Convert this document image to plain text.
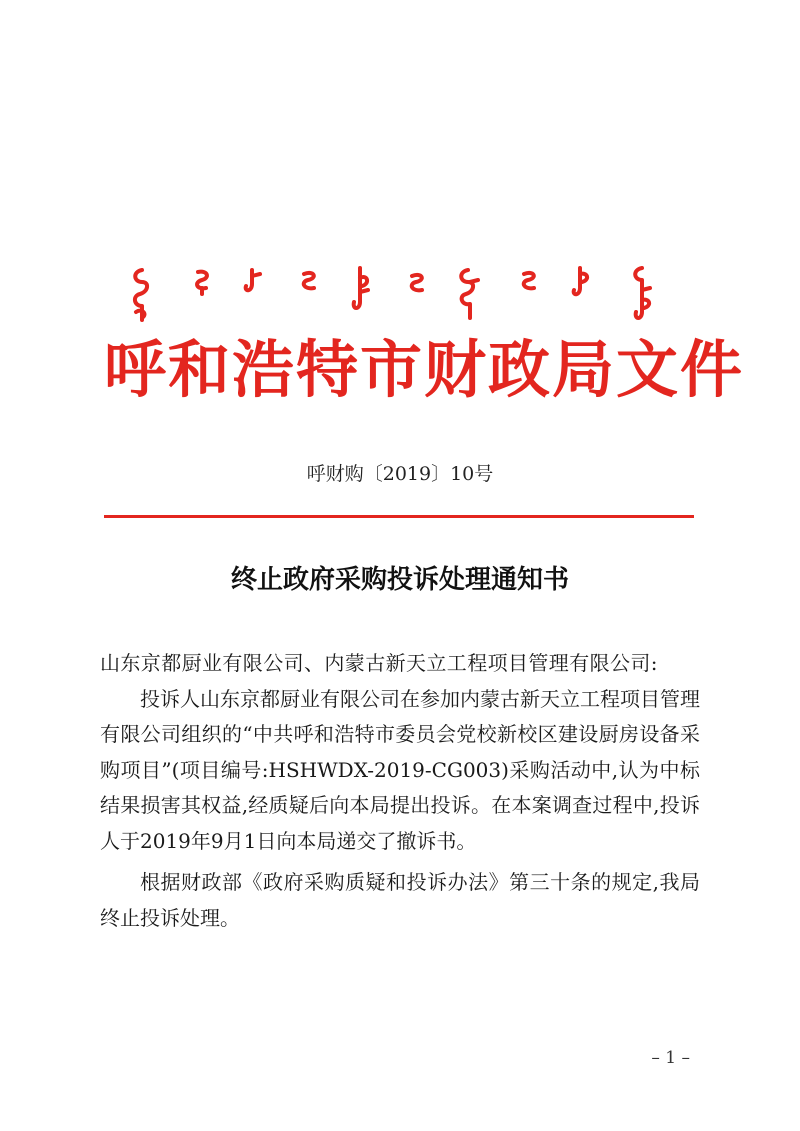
呼和浩特市财政局文件
呼财购〔2019〕10号
终止政府采购投诉处理通知书

山东京都厨业有限公司、内蒙古新天立工程项目管理有限公司:

投诉人山东京都厨业有限公司在参加内蒙古新天立工程项目管理有限公司组织的“中共呼和浩特市委员会党校新校区建设厨房设备采购项目”(项目编号:HSHWDX-2019-CG003)采购活动中,认为中标结果损害其权益,经质疑后向本局提出投诉。在本案调查过程中,投诉人于2019年9月1日向本局递交了撤诉书。

根据财政部《政府采购质疑和投诉办法》第三十条的规定,我局终止投诉处理。

– 1 –
